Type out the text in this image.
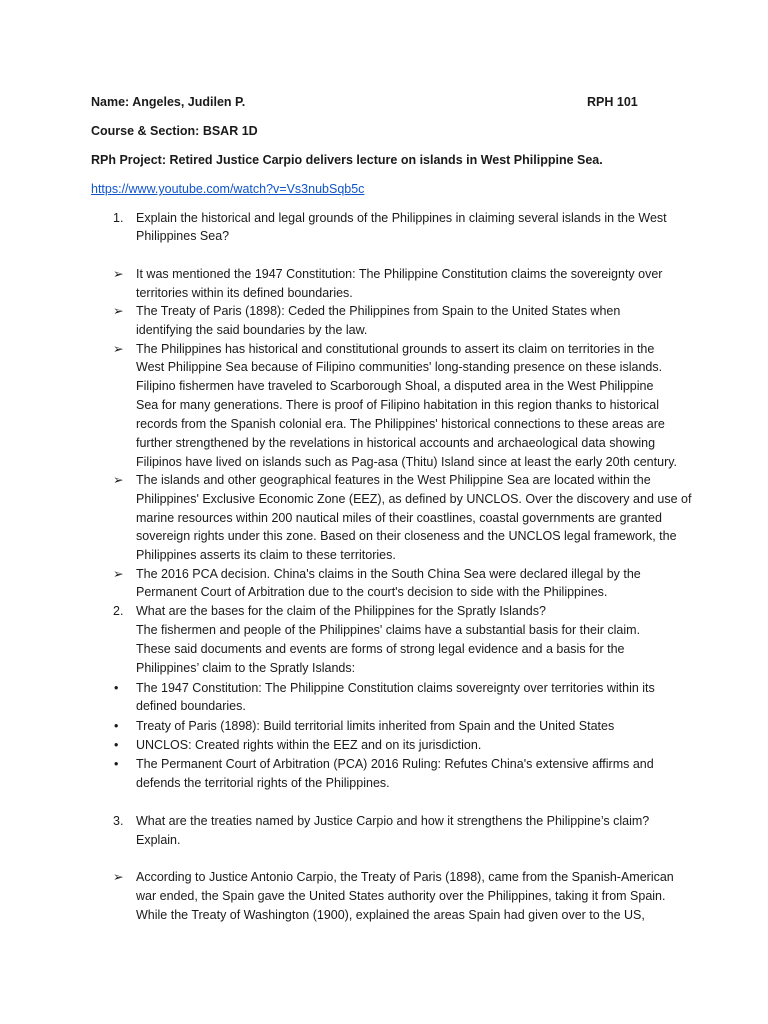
Name: Angeles, Judilen P.	RPH 101
Course & Section: BSAR 1D
RPh Project: Retired Justice Carpio delivers lecture on islands in West Philippine Sea.
https://www.youtube.com/watch?v=Vs3nubSqb5c
1. Explain the historical and legal grounds of the Philippines in claiming several islands in the West
Philippines Sea?
➢ It was mentioned the 1947 Constitution: The Philippine Constitution claims the sovereignty over
territories within its defined boundaries.
➢ The Treaty of Paris (1898): Ceded the Philippines from Spain to the United States when
identifying the said boundaries by the law.
➢ The Philippines has historical and constitutional grounds to assert its claim on territories in the
West Philippine Sea because of Filipino communities' long-standing presence on these islands.
Filipino fishermen have traveled to Scarborough Shoal, a disputed area in the West Philippine
Sea for many generations. There is proof of Filipino habitation in this region thanks to historical
records from the Spanish colonial era. The Philippines' historical connections to these areas are
further strengthened by the revelations in historical accounts and archaeological data showing
Filipinos have lived on islands such as Pag-asa (Thitu) Island since at least the early 20th century.
➢ The islands and other geographical features in the West Philippine Sea are located within the
Philippines' Exclusive Economic Zone (EEZ), as defined by UNCLOS. Over the discovery and use of
marine resources within 200 nautical miles of their coastlines, coastal governments are granted
sovereign rights under this zone. Based on their closeness and the UNCLOS legal framework, the
Philippines asserts its claim to these territories.
➢ The 2016 PCA decision. China's claims in the South China Sea were declared illegal by the
Permanent Court of Arbitration due to the court's decision to side with the Philippines.
2. What are the bases for the claim of the Philippines for the Spratly Islands?
The fishermen and people of the Philippines' claims have a substantial basis for their claim.
These said documents and events are forms of strong legal evidence and a basis for the
Philippines’ claim to the Spratly Islands:
• The 1947 Constitution: The Philippine Constitution claims sovereignty over territories within its
defined boundaries.
• Treaty of Paris (1898): Build territorial limits inherited from Spain and the United States
• UNCLOS: Created rights within the EEZ and on its jurisdiction.
• The Permanent Court of Arbitration (PCA) 2016 Ruling: Refutes China's extensive affirms and
defends the territorial rights of the Philippines.
3. What are the treaties named by Justice Carpio and how it strengthens the Philippine’s claim?
Explain.
➢ According to Justice Antonio Carpio, the Treaty of Paris (1898), came from the Spanish-American
war ended, the Spain gave the United States authority over the Philippines, taking it from Spain.
While the Treaty of Washington (1900), explained the areas Spain had given over to the US,
